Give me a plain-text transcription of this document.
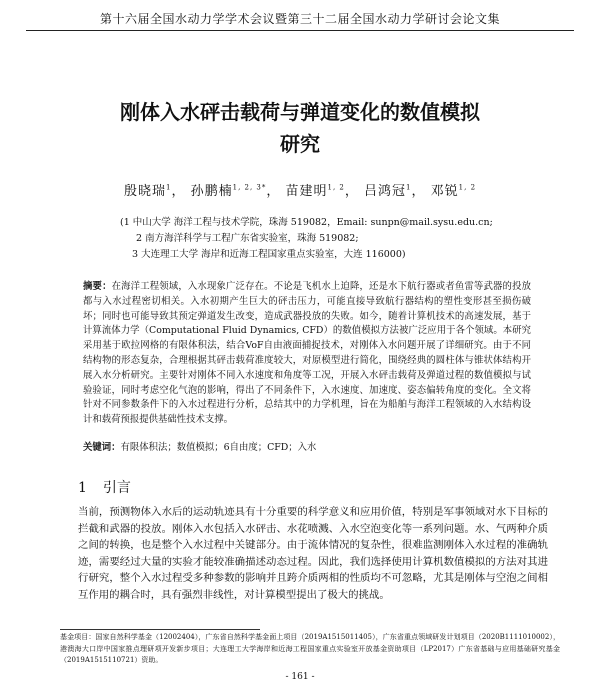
第十六届全国水动力学学术会议暨第三十二届全国水动力学研讨会论文集
刚体入水砰击载荷与弹道变化的数值模拟
研究
殷晓瑞$^1$， 孙鹏楠$^{1, 2, 3*}$， 苗建明$^{1, 2}$， 吕鸿冠$^1$， 邓锐$^{1, 2}$
(1 中山大学 海洋工程与技术学院，珠海 519082，Email: sunpn@mail.sysu.edu.cn;
2 南方海洋科学与工程广东省实验室，珠海 519082;
3 大连理工大学 海岸和近海工程国家重点实验室，大连 116000)
摘要：在海洋工程领域，入水现象广泛存在。不论是飞机水上迫降，还是水下航行器或者鱼雷等武器的投放都与入水过程密切相关。入水初期产生巨大的砰击压力，可能直接导致航行器结构的塑性变形甚至损伤破坏；同时也可能导致其预定弹道发生改变，造成武器投放的失败。如今，随着计算机技术的高速发展，基于计算流体力学（Computational Fluid Dynamics, CFD）的数值模拟方法被广泛应用于各个领域。本研究采用基于欧拉网格的有限体积法，结合VoF自由液面捕捉技术，对刚体入水问题开展了详细研究。由于不同结构物的形态复杂，合理根据其砰击载荷准度较大，对原模型进行简化，围绕经典的圆柱体与锥状体结构开展入水分析研究。主要针对刚体不同入水速度和角度等工况，开展入水砰击载荷及弹道过程的数值模拟与试验验证，同时考虑空化气泡的影响，得出了不同条件下，入水速度、加速度、姿态偏转角度的变化。全文将针对不同参数条件下的入水过程进行分析，总结其中的力学机理，旨在为船舶与海洋工程领域的入水结构设计和载荷预报提供基础性技术支撑。
关键词：有限体积法；数值模拟；6自由度；CFD；入水
1 引言
当前，预测物体入水后的运动轨迹具有十分重要的科学意义和应用价值，特别是军事领域对水下目标的拦截和武器的投放。刚体入水包括入水砰击、水花喷溅、入水空泡变化等一系列问题。水、气两种介质之间的转换，也是整个入水过程中关键部分。由于流体情况的复杂性，很难监测刚体入水过程的准确轨迹，需要经过大量的实验才能较准确描述动态过程。因此，我们选择使用计算机数值模拟的方法对其进行研究，整个入水过程受多种参数的影响并且跨介质两相的性质均不可忽略，尤其是刚体与空泡之间相互作用的耦合时，具有强烈非线性，对计算模型提出了极大的挑战。
基金项目：国家自然科学基金（12002404），广东省自然科学基金面上项目（2019A1515011405），广东省重点领域研发计划项目（2020B1111010002），港澳海大口岸中国家推点理研项开发新步项目；大连理工大学海岸和近海工程国家重点实验室开放基金资助项目（LP2017）广东省基础与应用基础研究基金（2019A1515110721）资助。
- 161 -
